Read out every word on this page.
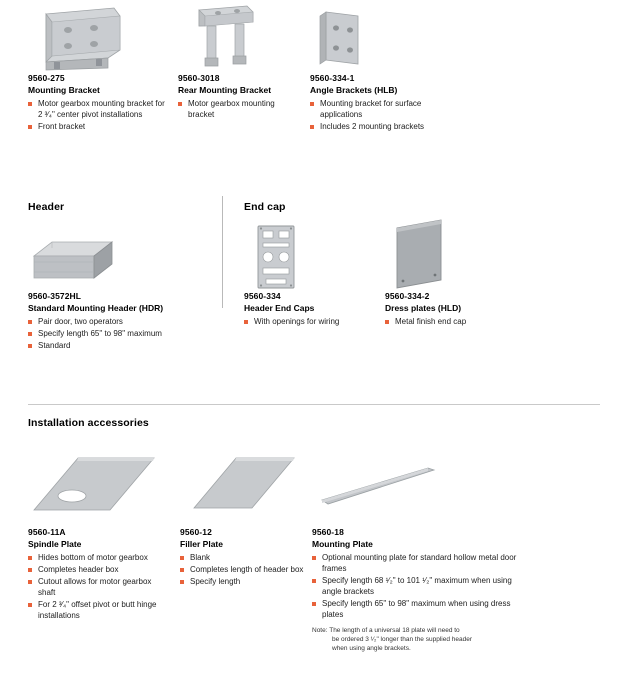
9560-275
Mounting Bracket
Motor gearbox mounting bracket for 2 ³⁄₄" center pivot installations
Front bracket
9560-3018
Rear Mounting Bracket
Motor gearbox mounting bracket
9560-334-1
Angle Brackets (HLB)
Mounting bracket for surface applications
Includes 2 mounting brackets
Header	End cap
9560-3572HL
Standard Mounting Header (HDR)
Pair door, two operators
Specify length 65" to 98" maximum
Standard
9560-334
Header End Caps
With openings for wiring
9560-334-2
Dress plates (HLD)
Metal finish end cap
Installation accessories
9560-11A
Spindle Plate
Hides bottom of motor gearbox
Completes header box
Cutout allows for motor gearbox shaft
For 2 ³⁄₄" offset pivot or butt hinge installations
9560-12
Filler Plate
Blank
Completes length of header box
Specify length
9560-18
Mounting Plate
Optional mounting plate for standard hollow metal door frames
Specify length 68 ¹⁄₂" to 101 ¹⁄₂" maximum when using angle brackets
Specify length 65" to 98" maximum when using dress plates
Note: The length of a universal 18 plate will need to
be ordered 3 ¹⁄₂" longer than the supplied header
when using angle brackets.
